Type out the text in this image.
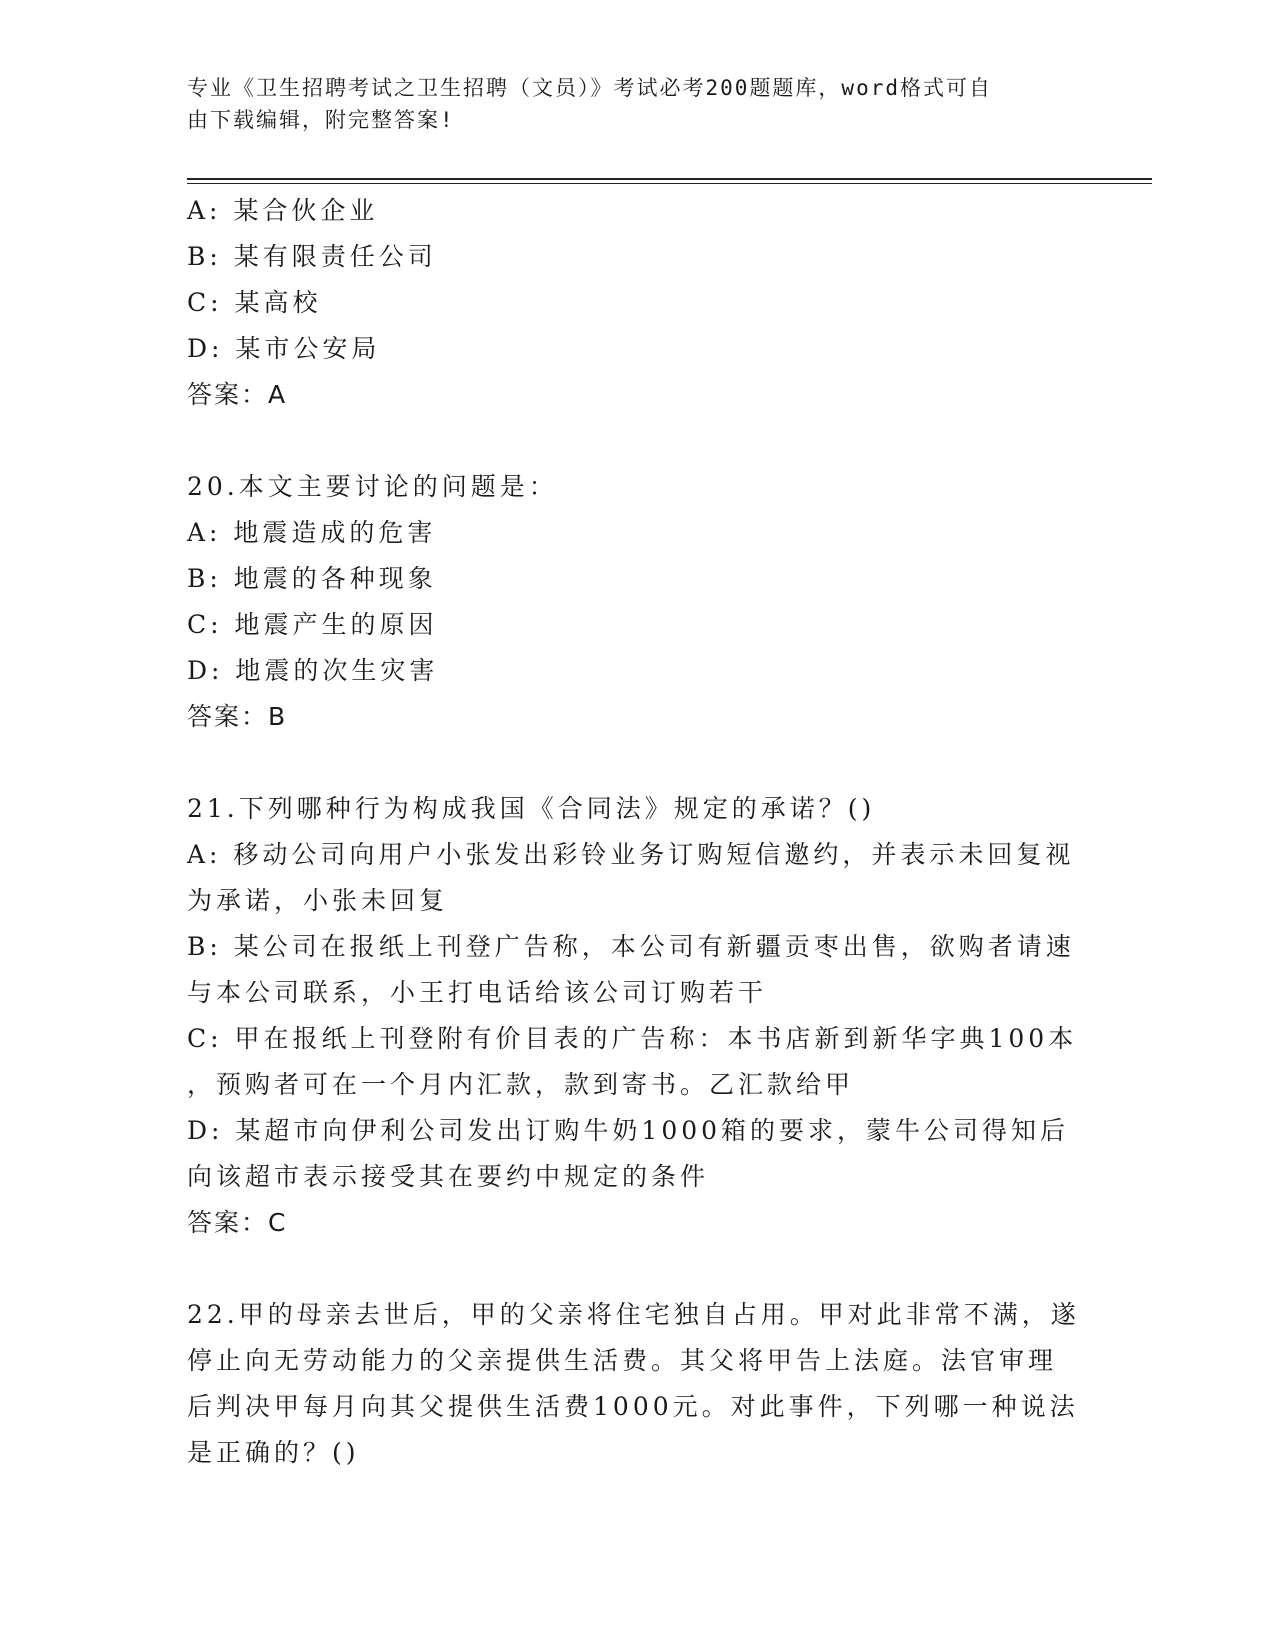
专业《卫生招聘考试之卫生招聘（文员）》考试必考200题题库，word格式可自
由下载编辑，附完整答案!
A: 某合伙企业
B: 某有限责任公司
C: 某高校
D: 某市公安局
答案：A
20.本文主要讨论的问题是：
A: 地震造成的危害
B: 地震的各种现象
C: 地震产生的原因
D: 地震的次生灾害
答案：B
21.下列哪种行为构成我国《合同法》规定的承诺？()
A: 移动公司向用户小张发出彩铃业务订购短信邀约，并表示未回复视
为承诺，小张未回复
B: 某公司在报纸上刊登广告称，本公司有新疆贡枣出售，欲购者请速
与本公司联系，小王打电话给该公司订购若干
C: 甲在报纸上刊登附有价目表的广告称：本书店新到新华字典100本
，预购者可在一个月内汇款，款到寄书。乙汇款给甲
D: 某超市向伊利公司发出订购牛奶1000箱的要求，蒙牛公司得知后
向该超市表示接受其在要约中规定的条件
答案：C
22.甲的母亲去世后，甲的父亲将住宅独自占用。甲对此非常不满，遂
停止向无劳动能力的父亲提供生活费。其父将甲告上法庭。法官审理
后判决甲每月向其父提供生活费1000元。对此事件，下列哪一种说法
是正确的？()
